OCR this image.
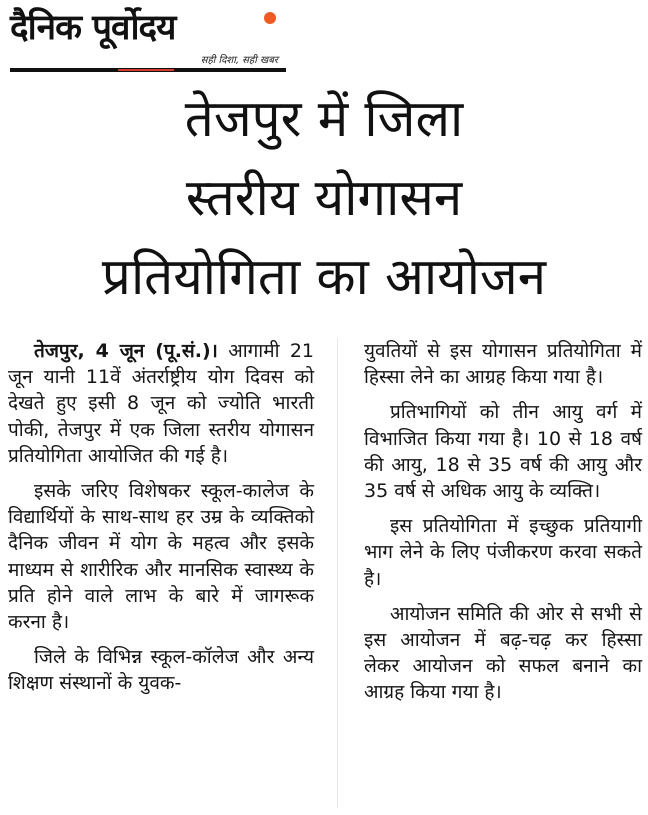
दैनिक पूर्वोदय
सही दिशा, सही खबर
तेजपुर में जिला
स्तरीय योगासन
प्रतियोगिता का आयोजन

तेजपुर, 4 जून (पू.सं.)। आगामी 21 जून यानी 11वें अंतर्राष्ट्रीय योग दिवस को देखते हुए इसी 8 जून को ज्योति भारती पोकी, तेजपुर में एक जिला स्तरीय योगासन प्रतियोगिता आयोजित की गई है।

इसके जरिए विशेषकर स्कूल-कालेज के विद्यार्थियों के साथ-साथ हर उम्र के व्यक्तिको दैनिक जीवन में योग के महत्व और इसके माध्यम से शारीरिक और मानसिक स्वास्थ्य के प्रति होने वाले लाभ के बारे में जागरूक करना है।

जिले के विभिन्न स्कूल-कॉलेज और अन्य शिक्षण संस्थानों के युवक-

युवतियों से इस योगासन प्रतियोगिता में हिस्सा लेने का आग्रह किया गया है।

प्रतिभागियों को तीन आयु वर्ग में विभाजित किया गया है। 10 से 18 वर्ष की आयु, 18 से 35 वर्ष की आयु और 35 वर्ष से अधिक आयु के व्यक्ति।

इस प्रतियोगिता में इच्छुक प्रतियागी भाग लेने के लिए पंजीकरण करवा सकते है।

आयोजन समिति की ओर से सभी से इस आयोजन में बढ़-चढ़ कर हिस्सा लेकर आयोजन को सफल बनाने का आग्रह किया गया है।
